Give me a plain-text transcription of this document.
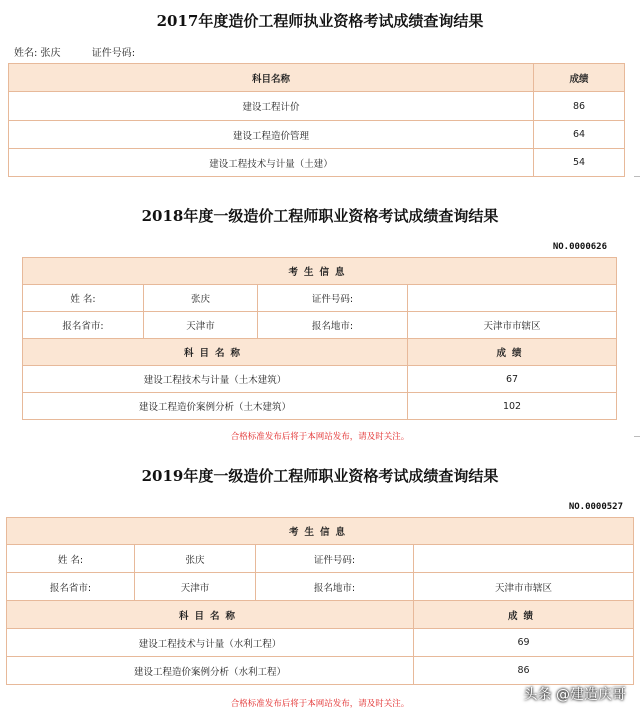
2017年度造价工程师执业资格考试成绩查询结果
姓名: 张庆	证件号码:
科目名称	成绩
建设工程计价	86
建设工程造价管理	64
建设工程技术与计量（土建）	54
2018年度一级造价工程师职业资格考试成绩查询结果
NO.0000626
考生信息			
姓 名:	张庆	证件号码:	
报名省市:	天津市	报名地市:	天津市市辖区
科目名称			成绩
建设工程技术与计量（土木建筑）			67
建设工程造价案例分析（土木建筑）			102
合格标准发布后将于本网站发布，请及时关注。
2019年度一级造价工程师职业资格考试成绩查询结果
NO.0000527
考生信息			
姓 名:	张庆	证件号码:	
报名省市:	天津市	报名地市:	天津市市辖区
科目名称			成绩
建设工程技术与计量（水利工程）			69
建设工程造价案例分析（水利工程）			86
合格标准发布后将于本网站发布，请及时关注。
头条 @建造庆哥
